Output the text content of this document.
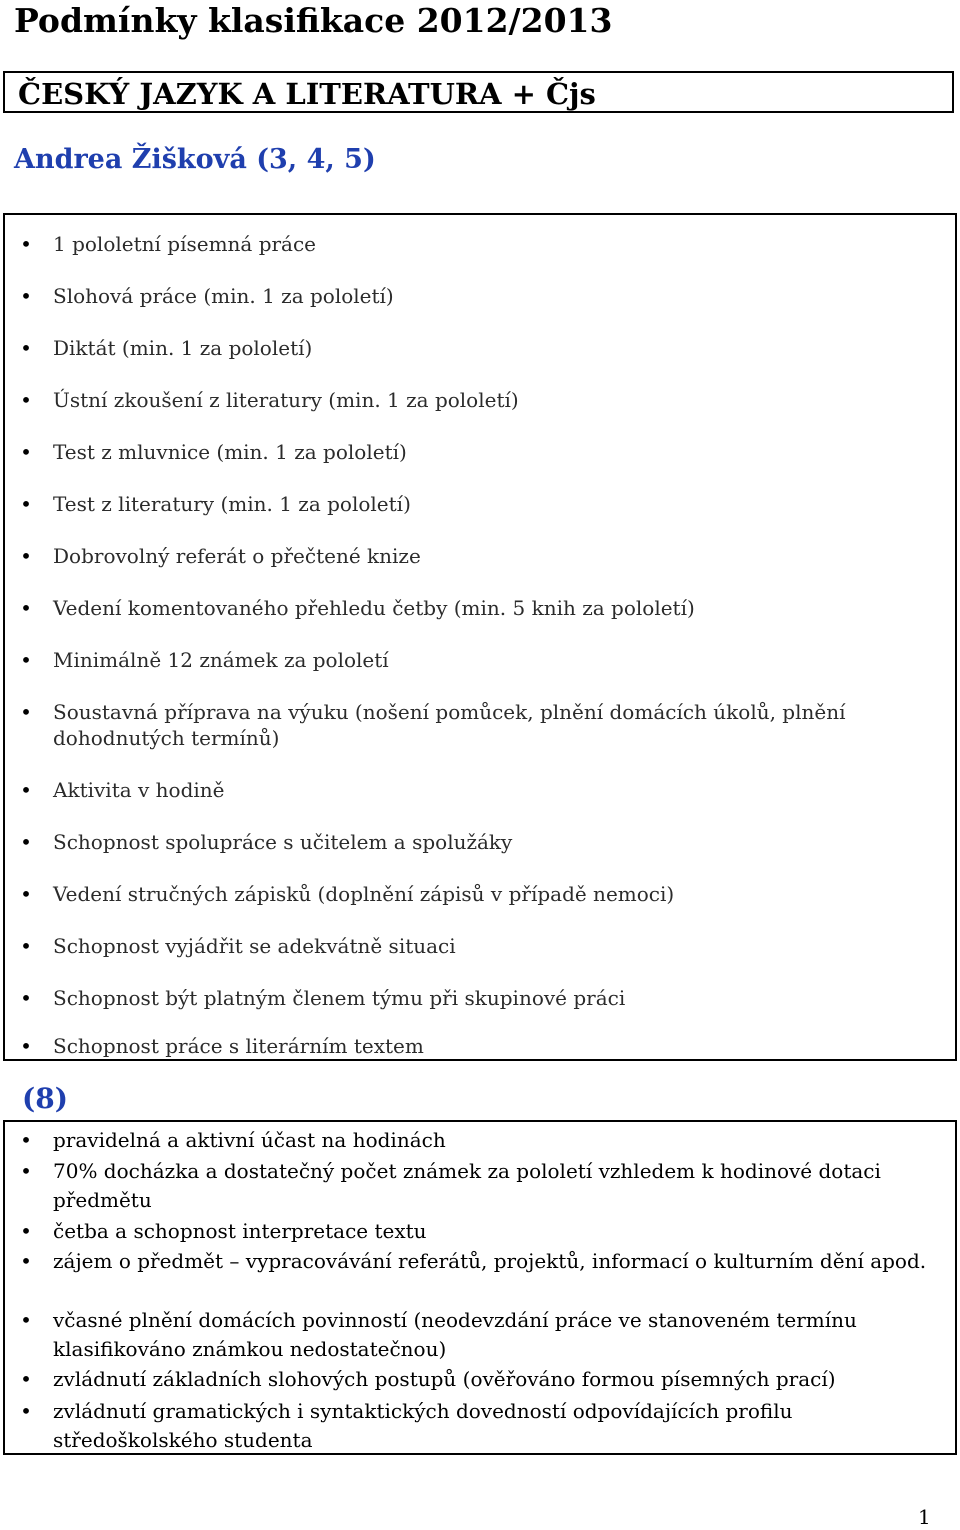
Podmínky klasifikace 2012/2013
ČESKÝ JAZYK A LITERATURA + Čjs
Andrea Žišková (3, 4, 5)
• 1 pololetní písemná práce
• Slohová práce (min. 1 za pololetí)
• Diktát (min. 1 za pololetí)
• Ústní zkoušení z literatury (min. 1 za pololetí)
• Test z mluvnice (min. 1 za pololetí)
• Test z literatury (min. 1 za pololetí)
• Dobrovolný referát o přečtené knize
• Vedení komentovaného přehledu četby (min. 5 knih za pololetí)
• Minimálně 12 známek za pololetí
• Soustavná příprava na výuku (nošení pomůcek, plnění domácích úkolů, plnění dohodnutých termínů)
• Aktivita v hodině
• Schopnost spolupráce s učitelem a spolužáky
• Vedení stručných zápisků (doplnění zápisů v případě nemoci)
• Schopnost vyjádřit se adekvátně situaci
• Schopnost být platným členem týmu při skupinové práci
• Schopnost práce s literárním textem
(8)
• pravidelná a aktivní účast na hodinách
• 70% docházka a dostatečný počet známek za pololetí vzhledem k hodinové dotaci předmětu
• četba a schopnost interpretace textu
• zájem o předmět – vypracovávání referátů, projektů, informací o kulturním dění apod.
• včasné plnění domácích povinností (neodevzdání práce ve stanoveném termínu klasifikováno známkou nedostatečnou)
• zvládnutí základních slohových postupů (ověřováno formou písemných prací)
• zvládnutí gramatických i syntaktických dovedností odpovídajících profilu středoškolského studenta
1
